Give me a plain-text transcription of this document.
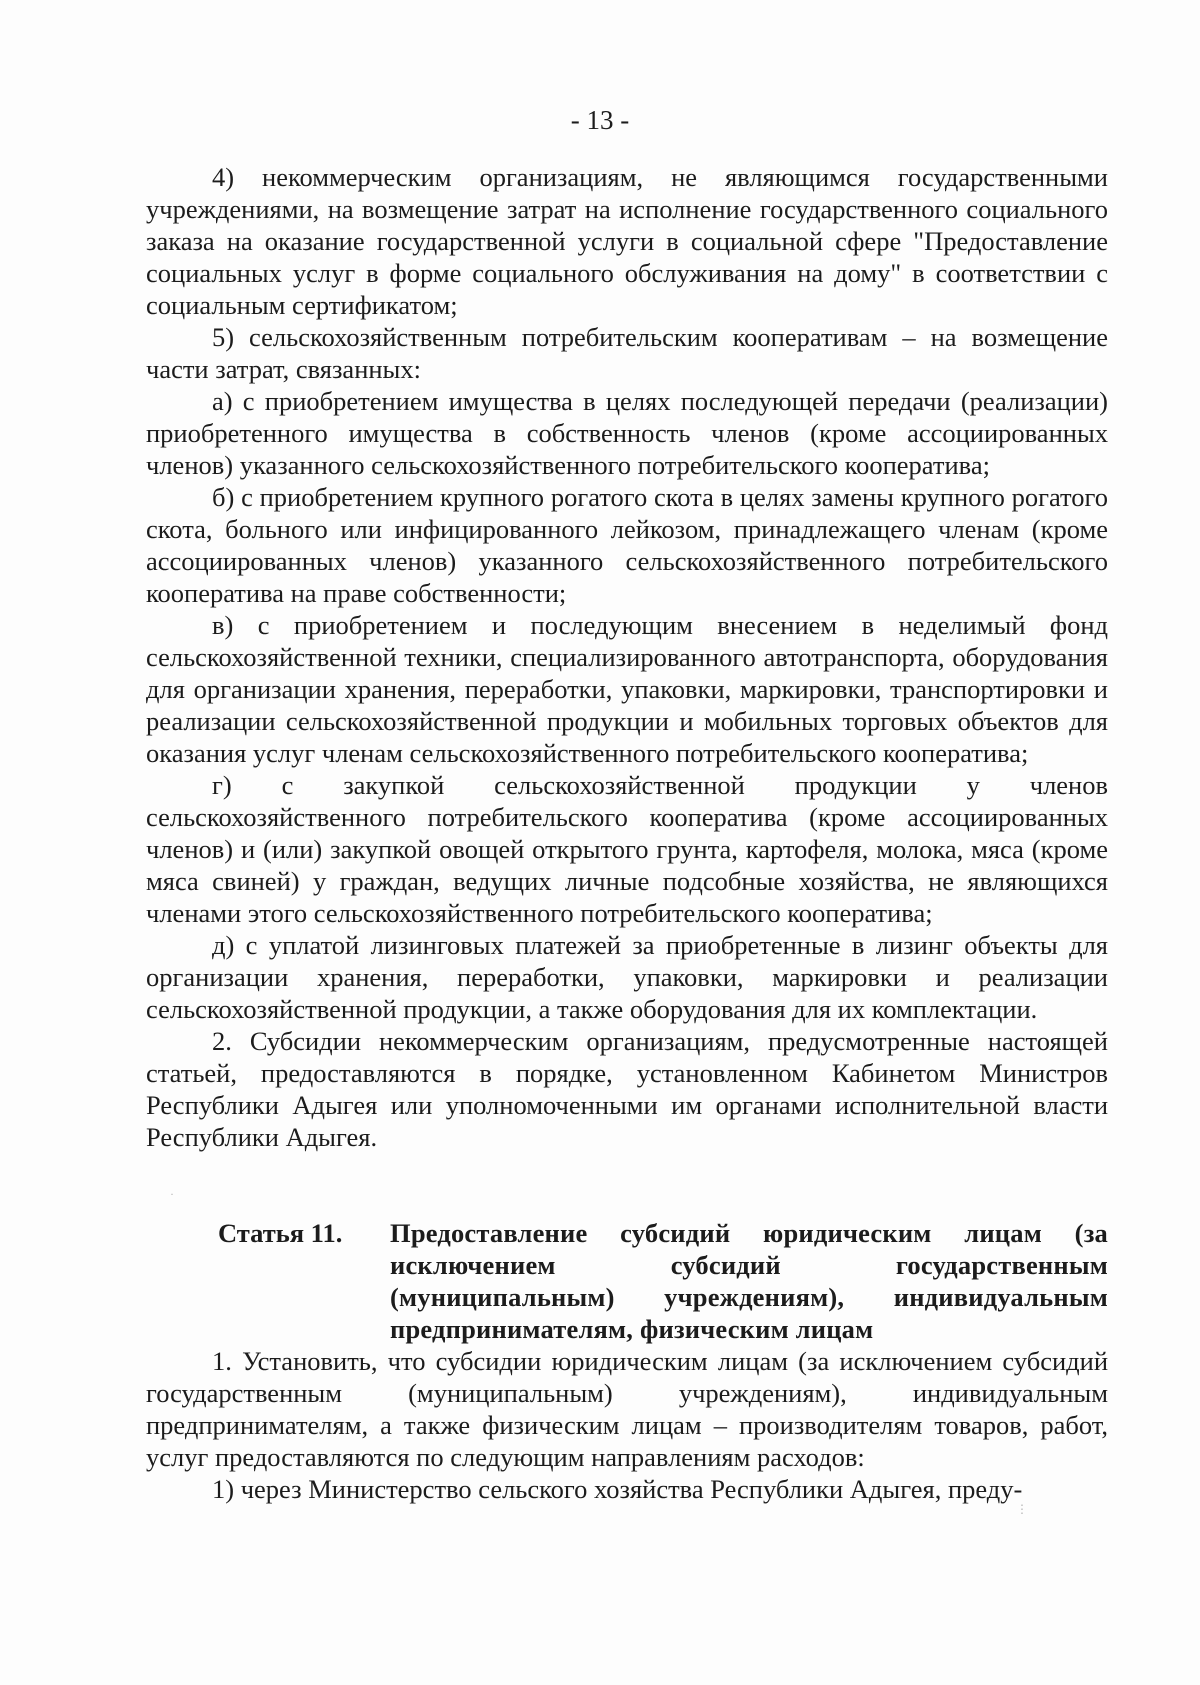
- 13 -

4) некоммерческим организациям, не являющимся государственными учреждениями, на возмещение затрат на исполнение государственного социального заказа на оказание государственной услуги в социальной сфере "Предоставление социальных услуг в форме социального обслуживания на дому" в соответствии с социальным сертификатом;

5) сельскохозяйственным потребительским кооперативам – на возмещение части затрат, связанных:

а) с приобретением имущества в целях последующей передачи (реализации) приобретенного имущества в собственность членов (кроме ассоциированных членов) указанного сельскохозяйственного потребительского кооператива;

б) с приобретением крупного рогатого скота в целях замены крупного рогатого скота, больного или инфицированного лейкозом, принадлежащего членам (кроме ассоциированных членов) указанного сельскохозяйственного потребительского кооператива на праве собственности;

в) с приобретением и последующим внесением в неделимый фонд сельскохозяйственной техники, специализированного автотранспорта, оборудования для организации хранения, переработки, упаковки, маркировки, транспортировки и реализации сельскохозяйственной продукции и мобильных торговых объектов для оказания услуг членам сельскохозяйственного потребительского кооператива;

г) с закупкой сельскохозяйственной продукции у членов сельскохозяйственного потребительского кооператива (кроме ассоциированных членов) и (или) закупкой овощей открытого грунта, картофеля, молока, мяса (кроме мяса свиней) у граждан, ведущих личные подсобные хозяйства, не являющихся членами этого сельскохозяйственного потребительского кооператива;

д) с уплатой лизинговых платежей за приобретенные в лизинг объекты для организации хранения, переработки, упаковки, маркировки и реализации сельскохозяйственной продукции, а также оборудования для их комплектации.

2. Субсидии некоммерческим организациям, предусмотренные настоящей статьей, предоставляются в порядке, установленном Кабинетом Министров Республики Адыгея или уполномоченными им органами исполнительной власти Республики Адыгея.

Статья 11.	Предоставление субсидий юридическим лицам (за исключением субсидий государственным (муниципальным) учреждениям), индивидуальным предпринимателям, физическим лицам

1. Установить, что субсидии юридическим лицам (за исключением субсидий государственным (муниципальным) учреждениям), индивидуальным предпринимателям, а также физическим лицам – производителям товаров, работ, услуг предоставляются по следующим направлениям расходов:

1) через Министерство сельского хозяйства Республики Адыгея, преду-

⋮
·
